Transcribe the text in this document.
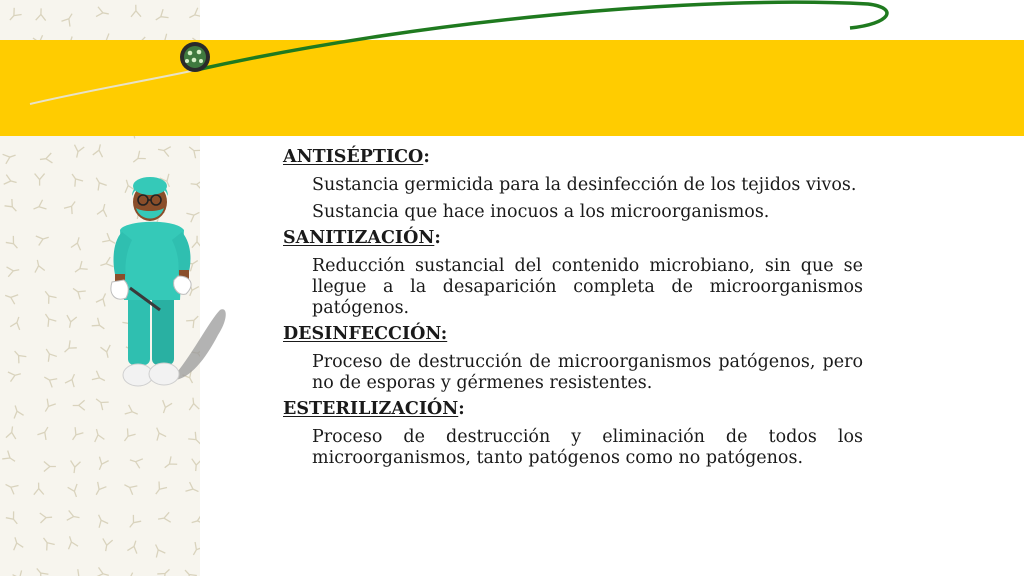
ANTISÉPTICO:
Sustancia germicida para la desinfección de los tejidos vivos.
Sustancia que hace inocuos a los microorganismos.
SANITIZACIÓN:
Reducción sustancial del contenido microbiano, sin que se llegue a la desaparición completa de microorganismos patógenos.
DESINFECCIÓN:
Proceso de destrucción de microorganismos patógenos, pero no de esporas y gérmenes resistentes.
ESTERILIZACIÓN:
Proceso de destrucción y eliminación de todos los microorganismos, tanto patógenos como no patógenos.
